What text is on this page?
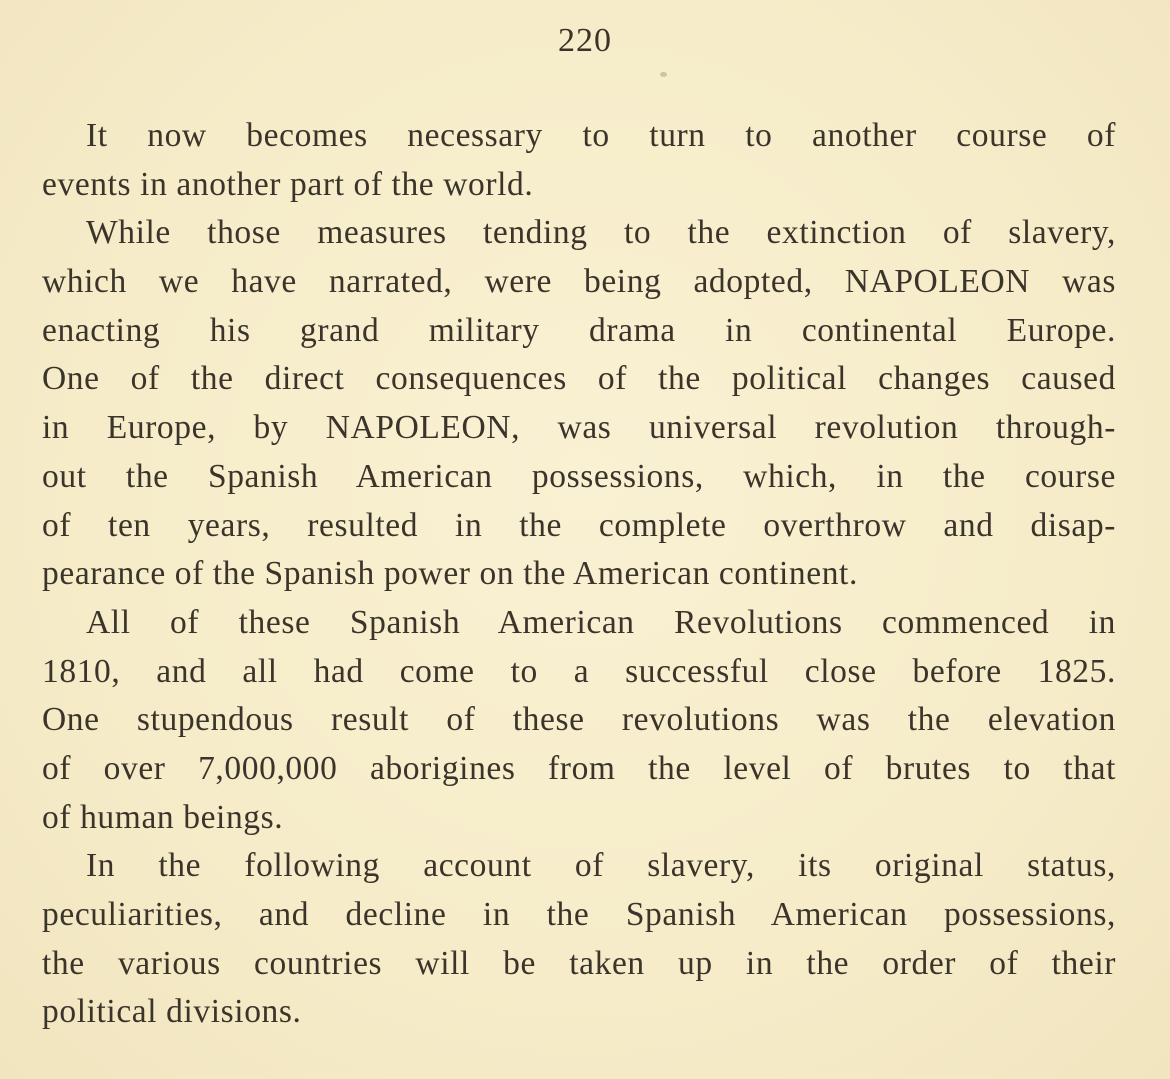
220
It now becomes necessary to turn to another course of
events in another part of the world.
While those measures tending to the extinction of slavery,
which we have narrated, were being adopted, NAPOLEON was
enacting his grand military drama in continental Europe.
One of the direct consequences of the political changes caused
in Europe, by NAPOLEON, was universal revolution through-
out the Spanish American possessions, which, in the course
of ten years, resulted in the complete overthrow and disap-
pearance of the Spanish power on the American continent.
All of these Spanish American Revolutions commenced in
1810, and all had come to a successful close before 1825.
One stupendous result of these revolutions was the elevation
of over 7,000,000 aborigines from the level of brutes to that
of human beings.
In the following account of slavery, its original status,
peculiarities, and decline in the Spanish American possessions,
the various countries will be taken up in the order of their
political divisions.
